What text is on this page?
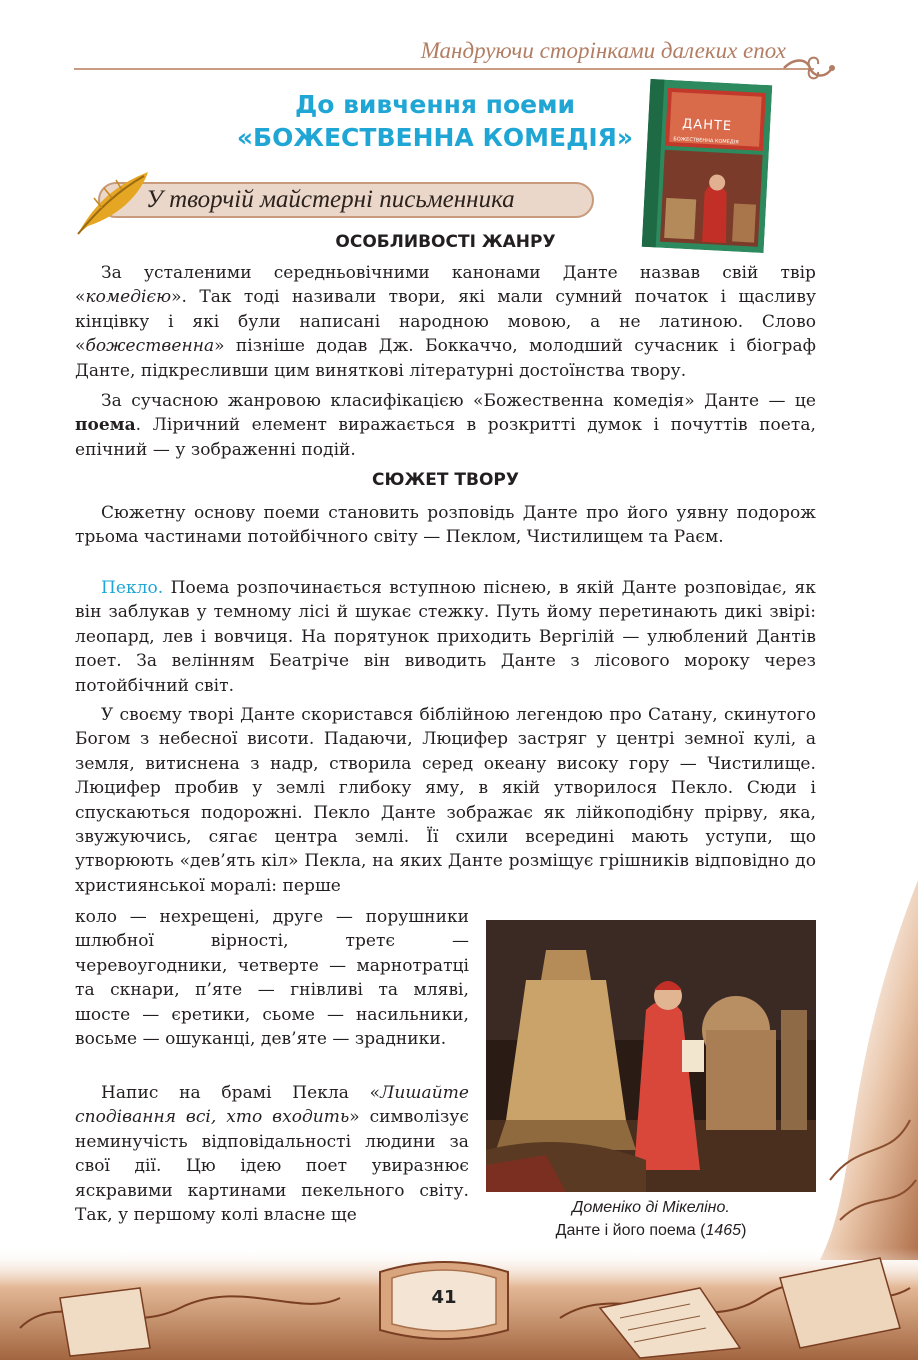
Мандруючи сторінками далеких епох
До вивчення поеми
«БОЖЕСТВЕННА КОМЕДІЯ»	ДАНТЕ
БОЖЕСТВЕННА КОМЕДІЯ
У творчій майстерні письменника
ОСОБЛИВОСТІ ЖАНРУ
За усталеними середньовічними канонами Данте назвав свій твір «комедією». Так тоді називали твори, які мали сумний початок і щасливу кінцівку і які були написані народною мовою, а не латиною. Слово «божественна» пізніше додав Дж. Боккаччо, молодший сучасник і біограф Данте, підкресливши цим виняткові літературні достоїнства твору.
За сучасною жанровою класифікацією «Божественна комедія» Данте — це поема. Ліричний елемент виражається в розкритті думок і почуттів поета, епічний — у зображенні подій.
СЮЖЕТ ТВОРУ
Сюжетну основу поеми становить розповідь Данте про його уявну подорож трьома частинами потойбічного світу — Пеклом, Чистилищем та Раєм.
Пекло. Поема розпочинається вступною піснею, в якій Данте розповідає, як він заблукав у темному лісі й шукає стежку. Путь йому перетинають дикі звірі: леопард, лев і вовчиця. На порятунок приходить Вергілій — улюблений Дантів поет. За велінням Беатріче він виводить Данте з лісового мороку через потойбічний світ.
У своєму творі Данте скористався біблійною легендою про Сатану, скинутого Богом з небесної висоти. Падаючи, Люцифер застряг у центрі земної кулі, а земля, витиснена з надр, створила серед океану високу гору — Чистилище. Люцифер пробив у землі глибоку яму, в якій утворилося Пекло. Сюди і спускаються подорожні. Пекло Данте зображає як лійкоподібну прірву, яка, звужуючись, сягає центра землі. Її схили всередині мають уступи, що утворюють «дев’ять кіл» Пекла, на яких Данте розміщує грішників відповідно до християнської моралі: перше
коло — нехрещені, друге — порушники шлюбної вірності, третє — черевоугодники, четверте — марнотратці та скнари, п’яте — гнівливі та мляві, шосте — єретики, сьоме — насильники, восьме — ошуканці, дев’яте — зрадники.
Напис на брамі Пекла «Лишайте сподівання всі, хто входить» символізує неминучість відповідальності людини за свої дії. Цю ідею поет увиразнює яскравими картинами пекельного світу. Так, у першому колі власне ще	Доменіко ді Мікеліно.
Данте і його поема (1465)
41
